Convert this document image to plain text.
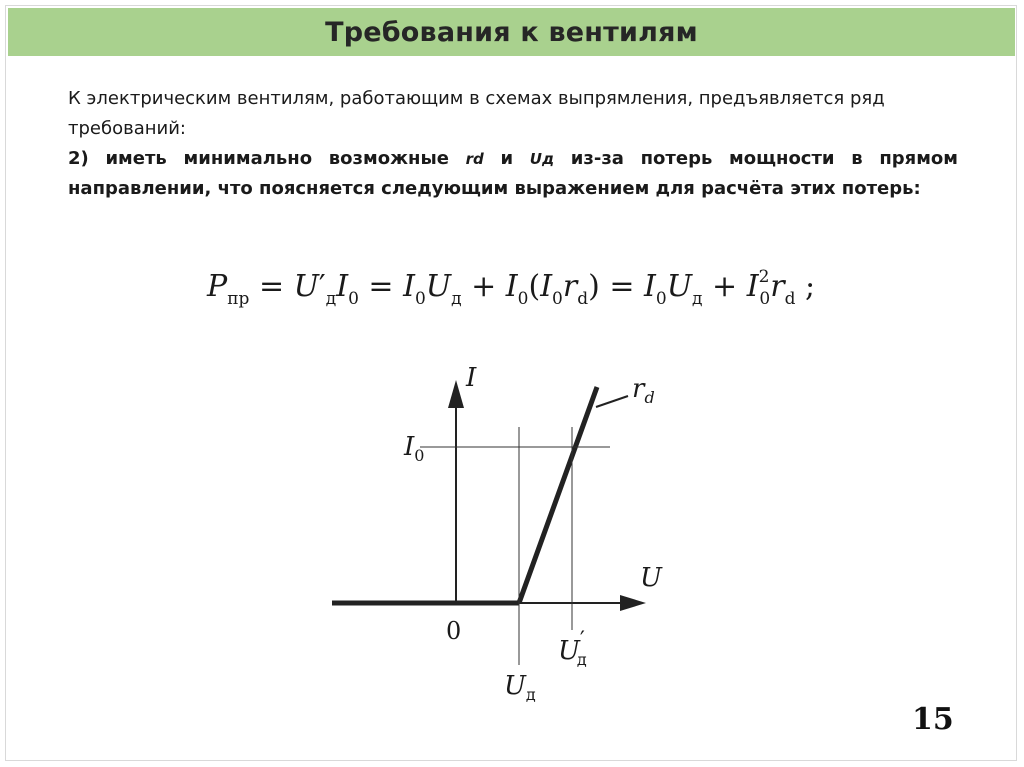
Требования к вентилям

К электрическим вентилям, работающим в схемах выпрямления, предъявляется ряд требований:

2) иметь минимально возможные rd и Uд из-за потерь мощности в прямом направлении, что поясняется следующим выражением для расчёта этих потерь:

$P_{пр} = U'_дI_0 = I_0U_д + I_0(I_0r_d) = I_0U_д + I^2_0r_d$ ;
I
$I_0$
U
0
$U_д$
U′ д
$r_d$
15
